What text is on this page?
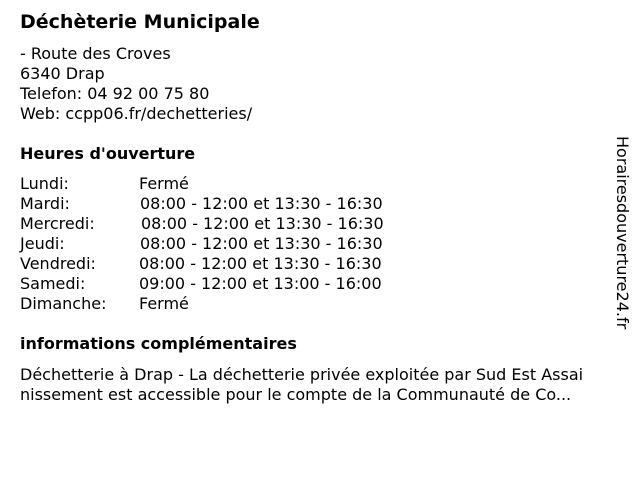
Déchèterie Municipale
- Route des Croves
6340 Drap
Telefon: 04 92 00 75 80
Web: ccpp06.fr/dechetteries/
Heures d'ouverture
Lundi:	Fermé
Mardi:	08:00 - 12:00 et 13:30 - 16:30
Mercredi:	08:00 - 12:00 et 13:30 - 16:30
Jeudi:	08:00 - 12:00 et 13:30 - 16:30
Vendredi:	08:00 - 12:00 et 13:30 - 16:30
Samedi:	09:00 - 12:00 et 13:00 - 16:00
Dimanche: Fermé
informations complémentaires
Déchetterie à Drap - La déchetterie privée exploitée par Sud Est Assai
nissement est accessible pour le compte de la Communauté de Co...
Horairesdouverture24.fr
